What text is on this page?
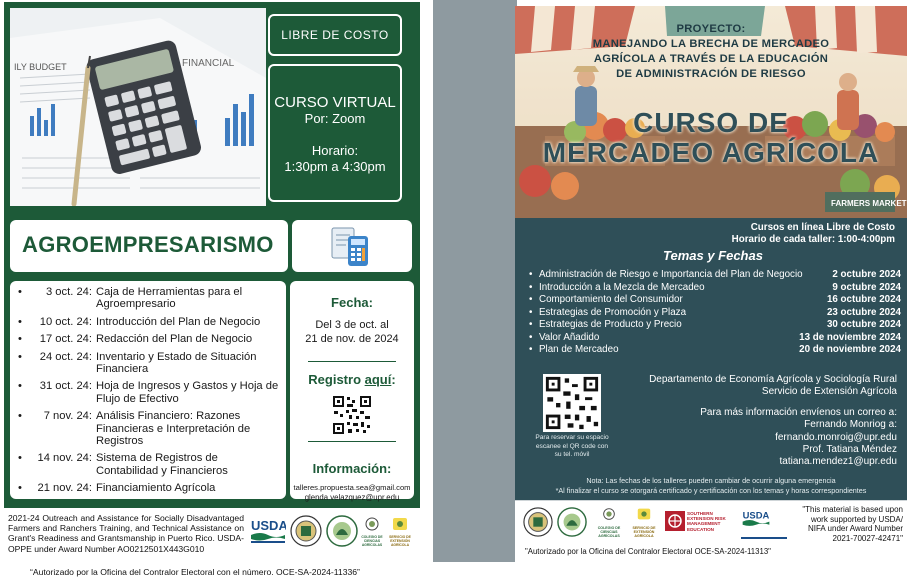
ILY BUDGET	FINANCIAL
LIBRE DE COSTO
CURSO VIRTUAL
Por: Zoom
Horario:
1:30pm a 4:30pm
AGROEMPRESARISMO
• 3 oct. 24: Caja de Herramientas para el Agroempresario
• 10 oct. 24: Introducción del Plan de Negocio
• 17 oct. 24: Redacción del Plan de Negocio
• 24 oct. 24: Inventario y Estado de Situación Financiera
• 31 oct. 24: Hoja de Ingresos y Gastos y Hoja de Flujo de Efectivo
• 7 nov. 24: Análisis Financiero: Razones Financieras e Interpretación de Registros
• 14 nov. 24: Sistema de Registros de Contabilidad y Financieros
• 21 nov. 24: Financiamiento Agrícola
Fecha:
Del 3 de oct. al
21 de nov. de 2024
Registro aquí:
Información:
talleres.propuesta.sea@gmail.com
glenda.velazquez@upr.edu
2021-24 Outreach and Assistance for Socially Disadvantaged Farmers and Ranchers Training, and Technical Assistance on Grant's Readiness and Grantsmanship in Puerto Rico. USDA-OPPE under Award Number AO0212501X443G010
USDA
COLEGIO DE CIENCIAS AGRÍCOLAS
SERVICIO DE EXTENSIÓN AGRÍCOLA
“Autorizado por la Oficina del Contralor Electoral con el número. OCE-SA-2024-11336”
FARMERS MARKET
PROYECTO:
MANEJANDO LA BRECHA DE MERCADEO
AGRÍCOLA A TRAVÉS DE LA EDUCACIÓN
DE ADMINISTRACIÓN DE RIESGO
CURSO DE
MERCADEO AGRÍCOLA
Cursos en línea Libre de Costo
Horario de cada taller: 1:00-4:00pm
Temas y Fechas
• Administración de Riesgo e Importancia del Plan de Negocio	2 octubre 2024
• Introducción a la Mezcla de Mercadeo	9 octubre 2024
• Comportamiento del Consumidor	16 octubre 2024
• Estrategias de Promoción y Plaza	23 octubre 2024
• Estrategias de Producto y Precio	30 octubre 2024
• Valor Añadido	13 de noviembre 2024
• Plan de Mercadeo	20 de noviembre 2024
Para reservar su espacio
escanee el QR code con
su tel. móvil
Departamento de Economía Agrícola y Sociología Rural
Servicio de Extensión Agrícola
Para más información envíenos un correo a:
Fernando Monriog a:
fernando.monroig@upr.edu
Prof. Tatiana Méndez
tatiana.mendez1@upr.edu
Nota: Las fechas de los talleres pueden cambiar de ocurrir alguna emergencia
*Al finalizar el curso se otorgará certificado y certificación con los temas y horas correspondientes
COLEGIO DE CIENCIAS AGRÍCOLAS
SERVICIO DE EXTENSIÓN AGRÍCOLA
SOUTHERN EXTENSION RISK MANAGEMENT EDUCATION
USDA	"This material is based upon
work supported by USDA/
NIFA under Award Number
2021-70027-42471"
"Autorizado por la Oficina del Contralor Electoral OCE-SA-2024-11313"
